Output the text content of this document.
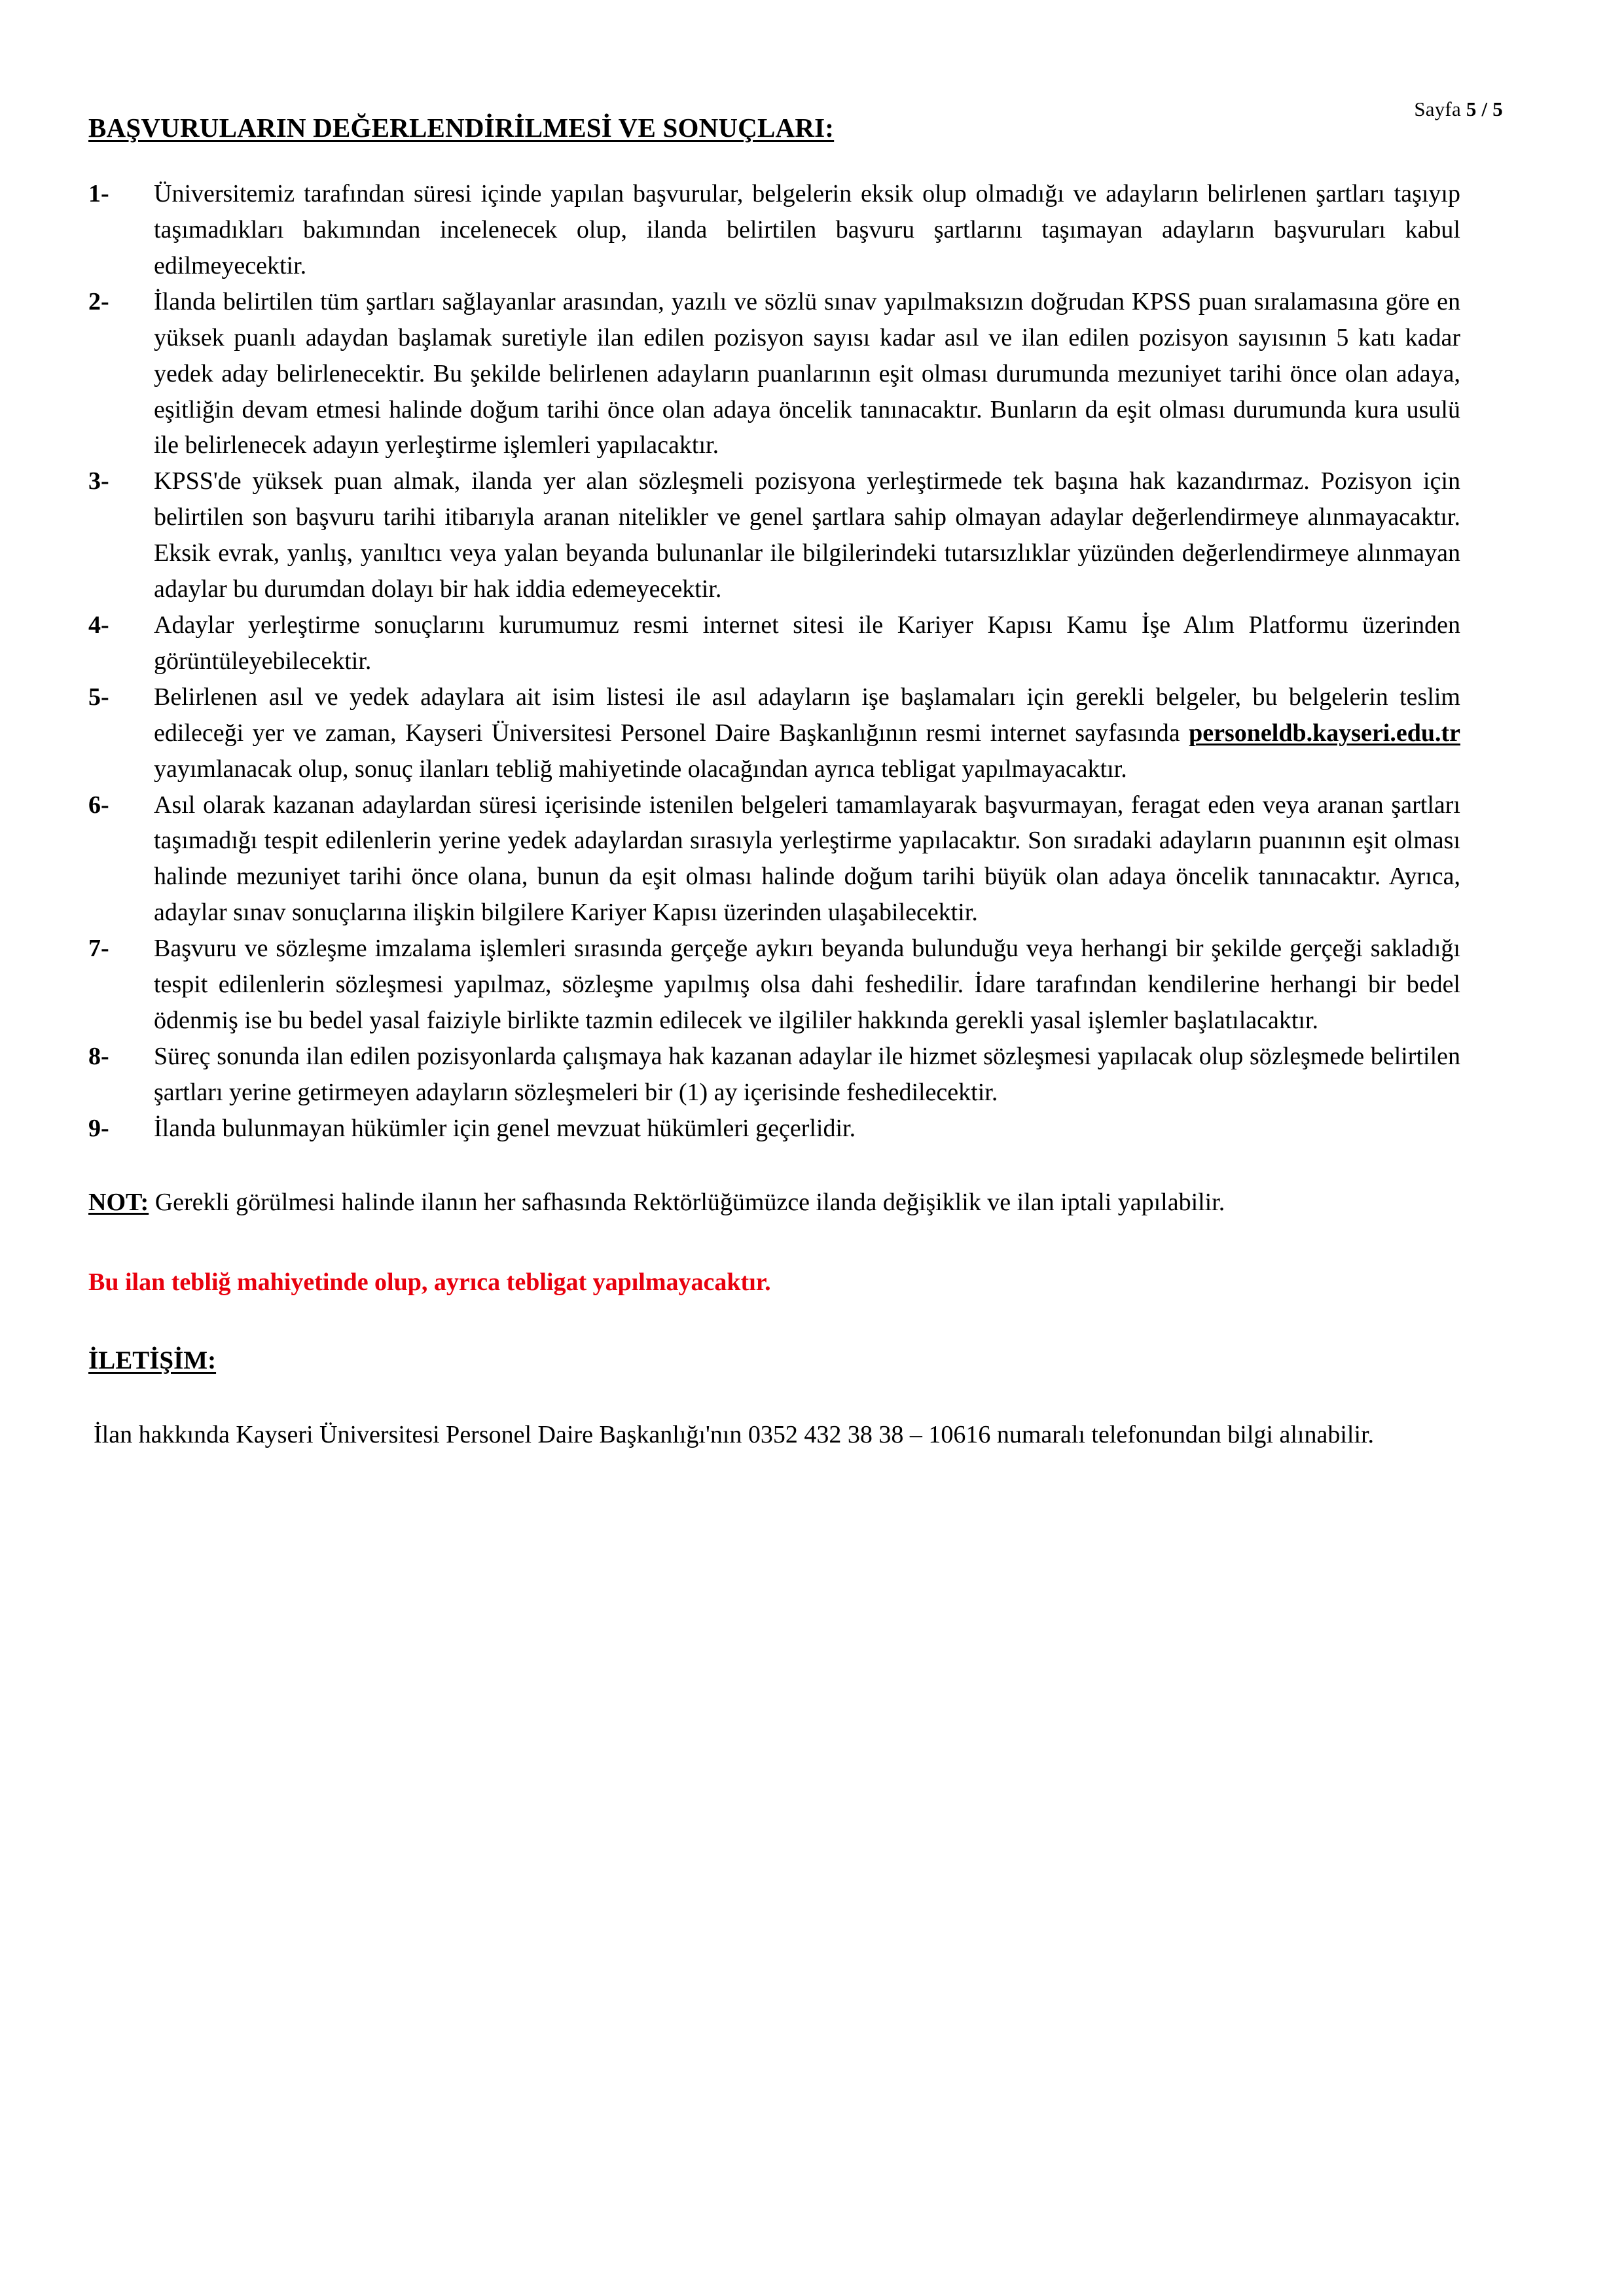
Sayfa 5 / 5
BAŞVURULARIN DEĞERLENDİRİLMESİ VE SONUÇLARI:
1-	Üniversitemiz tarafından süresi içinde yapılan başvurular, belgelerin eksik olup olmadığı ve adayların belirlenen şartları taşıyıp taşımadıkları bakımından incelenecek olup, ilanda belirtilen başvuru şartlarını taşımayan adayların başvuruları kabul edilmeyecektir.
2-	İlanda belirtilen tüm şartları sağlayanlar arasından, yazılı ve sözlü sınav yapılmaksızın doğrudan KPSS puan sıralamasına göre en yüksek puanlı adaydan başlamak suretiyle ilan edilen pozisyon sayısı kadar asıl ve ilan edilen pozisyon sayısının 5 katı kadar yedek aday belirlenecektir. Bu şekilde belirlenen adayların puanlarının eşit olması durumunda mezuniyet tarihi önce olan adaya, eşitliğin devam etmesi halinde doğum tarihi önce olan adaya öncelik tanınacaktır. Bunların da eşit olması durumunda kura usulü ile belirlenecek adayın yerleştirme işlemleri yapılacaktır.
3-	KPSS'de yüksek puan almak, ilanda yer alan sözleşmeli pozisyona yerleştirmede tek başına hak kazandırmaz. Pozisyon için belirtilen son başvuru tarihi itibarıyla aranan nitelikler ve genel şartlara sahip olmayan adaylar değerlendirmeye alınmayacaktır. Eksik evrak, yanlış, yanıltıcı veya yalan beyanda bulunanlar ile bilgilerindeki tutarsızlıklar yüzünden değerlendirmeye alınmayan adaylar bu durumdan dolayı bir hak iddia edemeyecektir.
4-	Adaylar yerleştirme sonuçlarını kurumumuz resmi internet sitesi ile Kariyer Kapısı Kamu İşe Alım Platformu üzerinden görüntüleyebilecektir.
5-	Belirlenen asıl ve yedek adaylara ait isim listesi ile asıl adayların işe başlamaları için gerekli belgeler, bu belgelerin teslim edileceği yer ve zaman, Kayseri Üniversitesi Personel Daire Başkanlığının resmi internet sayfasında personeldb.kayseri.edu.tr yayımlanacak olup, sonuç ilanları tebliğ mahiyetinde olacağından ayrıca tebligat yapılmayacaktır.
6-	Asıl olarak kazanan adaylardan süresi içerisinde istenilen belgeleri tamamlayarak başvurmayan, feragat eden veya aranan şartları taşımadığı tespit edilenlerin yerine yedek adaylardan sırasıyla yerleştirme yapılacaktır. Son sıradaki adayların puanının eşit olması halinde mezuniyet tarihi önce olana, bunun da eşit olması halinde doğum tarihi büyük olan adaya öncelik tanınacaktır. Ayrıca, adaylar sınav sonuçlarına ilişkin bilgilere Kariyer Kapısı üzerinden ulaşabilecektir.
7-	Başvuru ve sözleşme imzalama işlemleri sırasında gerçeğe aykırı beyanda bulunduğu veya herhangi bir şekilde gerçeği sakladığı tespit edilenlerin sözleşmesi yapılmaz, sözleşme yapılmış olsa dahi feshedilir. İdare tarafından kendilerine herhangi bir bedel ödenmiş ise bu bedel yasal faiziyle birlikte tazmin edilecek ve ilgililer hakkında gerekli yasal işlemler başlatılacaktır.
8-	Süreç sonunda ilan edilen pozisyonlarda çalışmaya hak kazanan adaylar ile hizmet sözleşmesi yapılacak olup sözleşmede belirtilen şartları yerine getirmeyen adayların sözleşmeleri bir (1) ay içerisinde feshedilecektir.
9-	İlanda bulunmayan hükümler için genel mevzuat hükümleri geçerlidir.

NOT: Gerekli görülmesi halinde ilanın her safhasında Rektörlüğümüzce ilanda değişiklik ve ilan iptali yapılabilir.

Bu ilan tebliğ mahiyetinde olup, ayrıca tebligat yapılmayacaktır.

İLETİŞİM:

İlan hakkında Kayseri Üniversitesi Personel Daire Başkanlığı'nın 0352 432 38 38 – 10616 numaralı telefonundan bilgi alınabilir.
